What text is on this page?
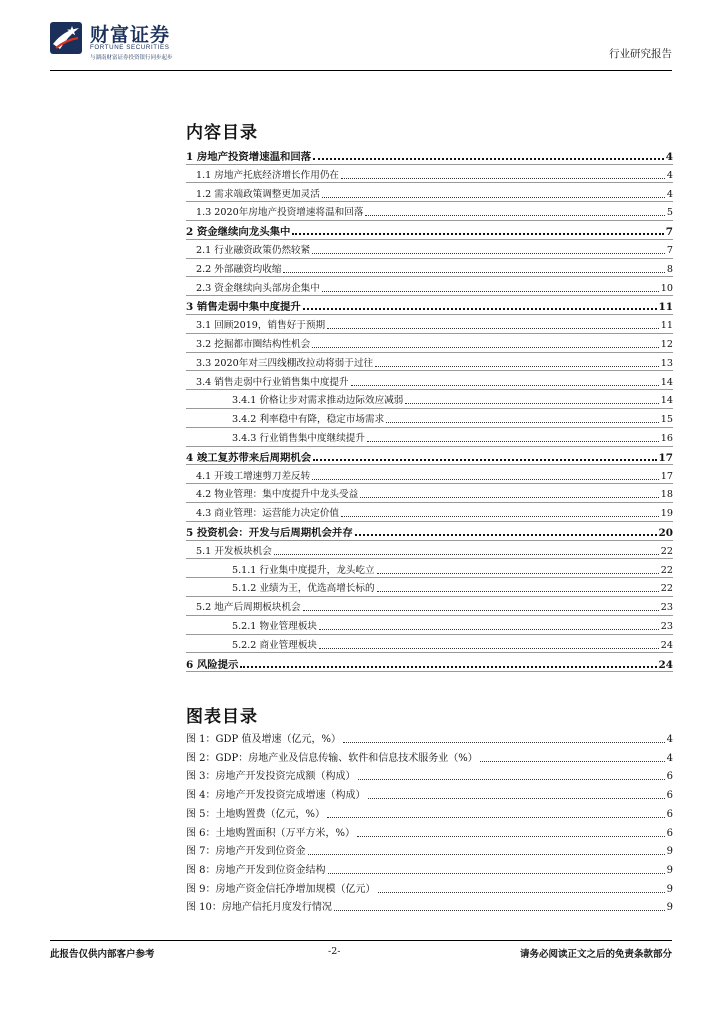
财富证券
FORTUNE SECURITIES
与湖南财富证券投资银行同步起步	行业研究报告
内容目录
1 房地产投资增速温和回落	4
1.1 房地产托底经济增长作用仍在	4
1.2 需求端政策调整更加灵活	4
1.3 2020年房地产投资增速将温和回落	5
2 资金继续向龙头集中	7
2.1 行业融资政策仍然较紧	7
2.2 外部融资均收缩	8
2.3 资金继续向头部房企集中	10
3 销售走弱中集中度提升	11
3.1 回顾2019，销售好于预期	11
3.2 挖掘都市圈结构性机会	12
3.3 2020年对三四线棚改拉动将弱于过往	13
3.4 销售走弱中行业销售集中度提升	14
3.4.1 价格让步对需求推动边际效应减弱	14
3.4.2 利率稳中有降，稳定市场需求	15
3.4.3 行业销售集中度继续提升	16
4 竣工复苏带来后周期机会	17
4.1 开竣工增速剪刀差反转	17
4.2 物业管理：集中度提升中龙头受益	18
4.3 商业管理：运营能力决定价值	19
5 投资机会：开发与后周期机会并存	20
5.1 开发板块机会	22
5.1.1 行业集中度提升，龙头屹立	22
5.1.2 业绩为王，优选高增长标的	22
5.2 地产后周期板块机会	23
5.2.1 物业管理板块	23
5.2.2 商业管理板块	24
6 风险提示	24
图表目录
图 1：GDP 值及增速（亿元，%）	4
图 2：GDP：房地产业及信息传输、软件和信息技术服务业（%）	4
图 3：房地产开发投资完成额（构成）	6
图 4：房地产开发投资完成增速（构成）	6
图 5：土地购置费（亿元，%）	6
图 6：土地购置面积（万平方米，%）	6
图 7：房地产开发到位资金	9
图 8：房地产开发到位资金结构	9
图 9：房地产资金信托净增加规模（亿元）	9
图 10：房地产信托月度发行情况	9
此报告仅供内部客户参考	-2-	请务必阅读正文之后的免责条款部分
